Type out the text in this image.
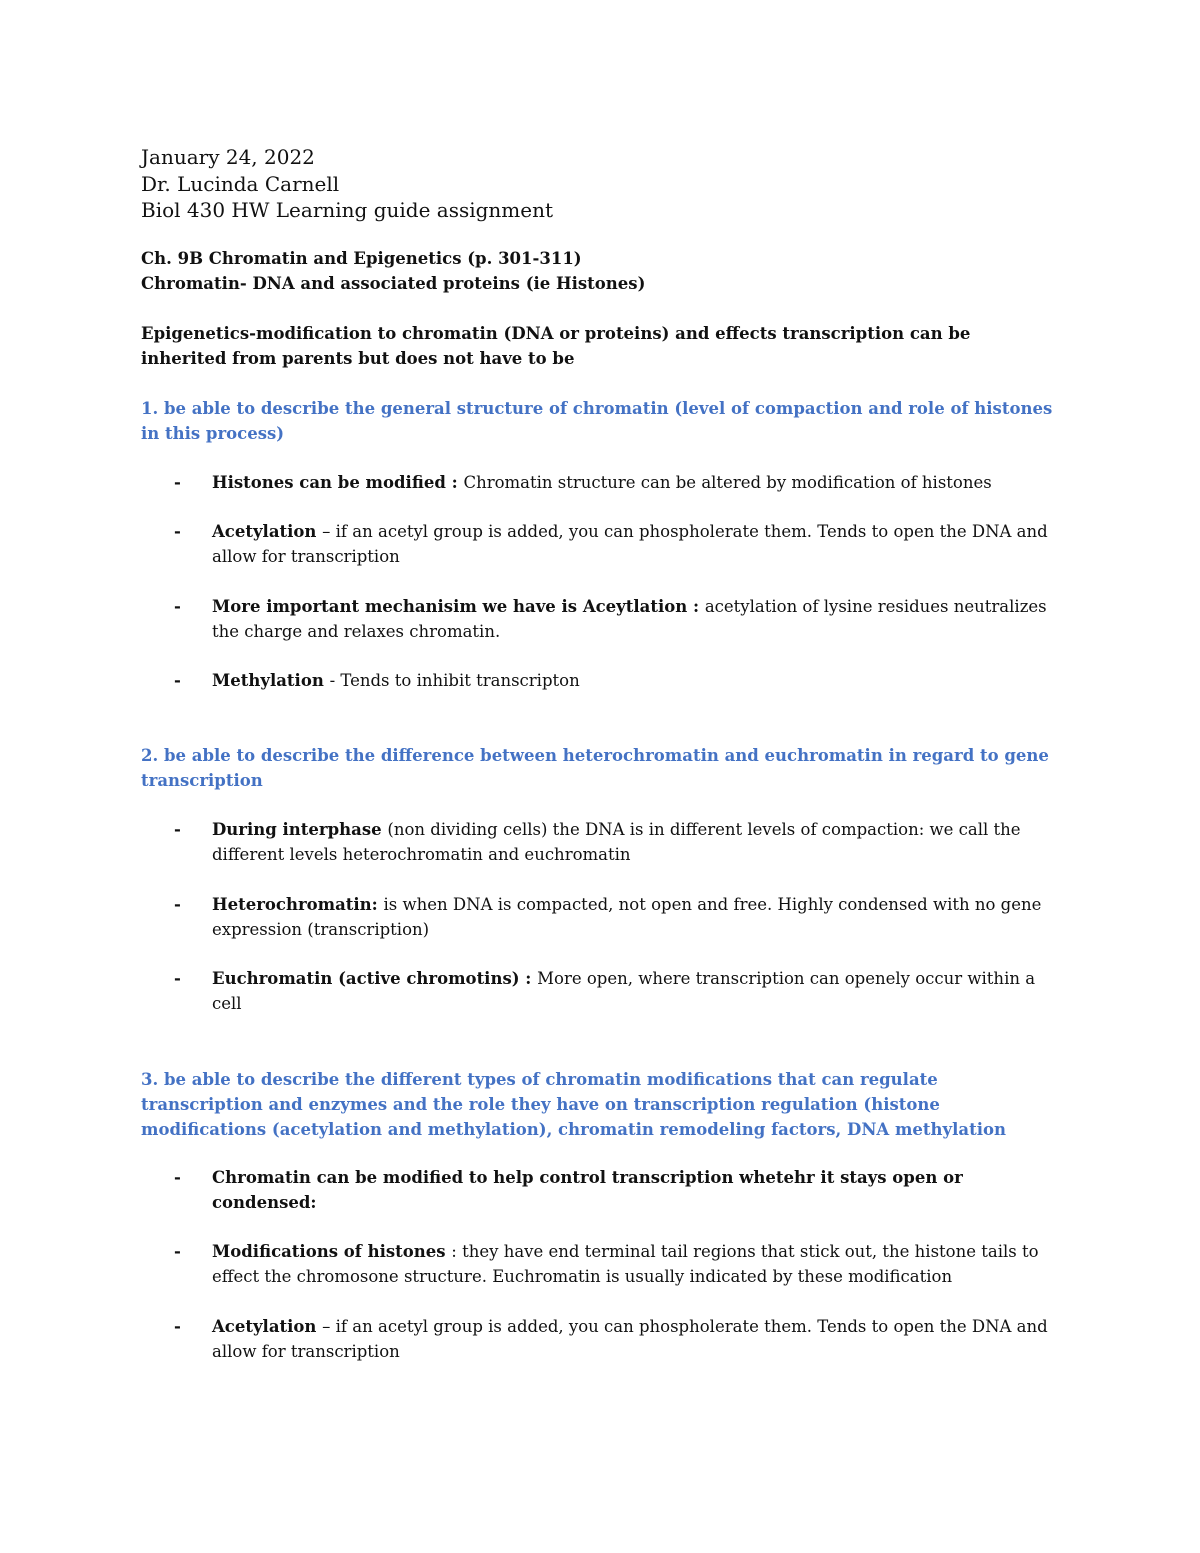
January 24, 2022
Dr. Lucinda Carnell
Biol 430 HW Learning guide assignment
Ch. 9B Chromatin and Epigenetics (p. 301-311)
Chromatin- DNA and associated proteins (ie Histones)
Epigenetics-modification to chromatin (DNA or proteins) and effects transcription can be inherited from parents but does not have to be
1. be able to describe the general structure of chromatin (level of compaction and role of histones in this process)
- Histones can be modified : Chromatin structure can be altered by modification of histones
- Acetylation – if an acetyl group is added, you can phospholerate them. Tends to open the DNA and allow for transcription
- More important mechanisim we have is Aceytlation : acetylation of lysine residues neutralizes the charge and relaxes chromatin.
- Methylation - Tends to inhibit transcripton
2. be able to describe the difference between heterochromatin and euchromatin in regard to gene transcription
- During interphase (non dividing cells) the DNA is in different levels of compaction: we call the different levels heterochromatin and euchromatin
- Heterochromatin: is when DNA is compacted, not open and free. Highly condensed with no gene expression (transcription)
- Euchromatin (active chromotins) : More open, where transcription can openely occur within a cell
3. be able to describe the different types of chromatin modifications that can regulate transcription and enzymes and the role they have on transcription regulation (histone modifications (acetylation and methylation), chromatin remodeling factors, DNA methylation
- Chromatin can be modified to help control transcription whetehr it stays open or condensed:
- Modifications of histones : they have end terminal tail regions that stick out, the histone tails to effect the chromosone structure. Euchromatin is usually indicated by these modification
- Acetylation – if an acetyl group is added, you can phospholerate them. Tends to open the DNA and allow for transcription
